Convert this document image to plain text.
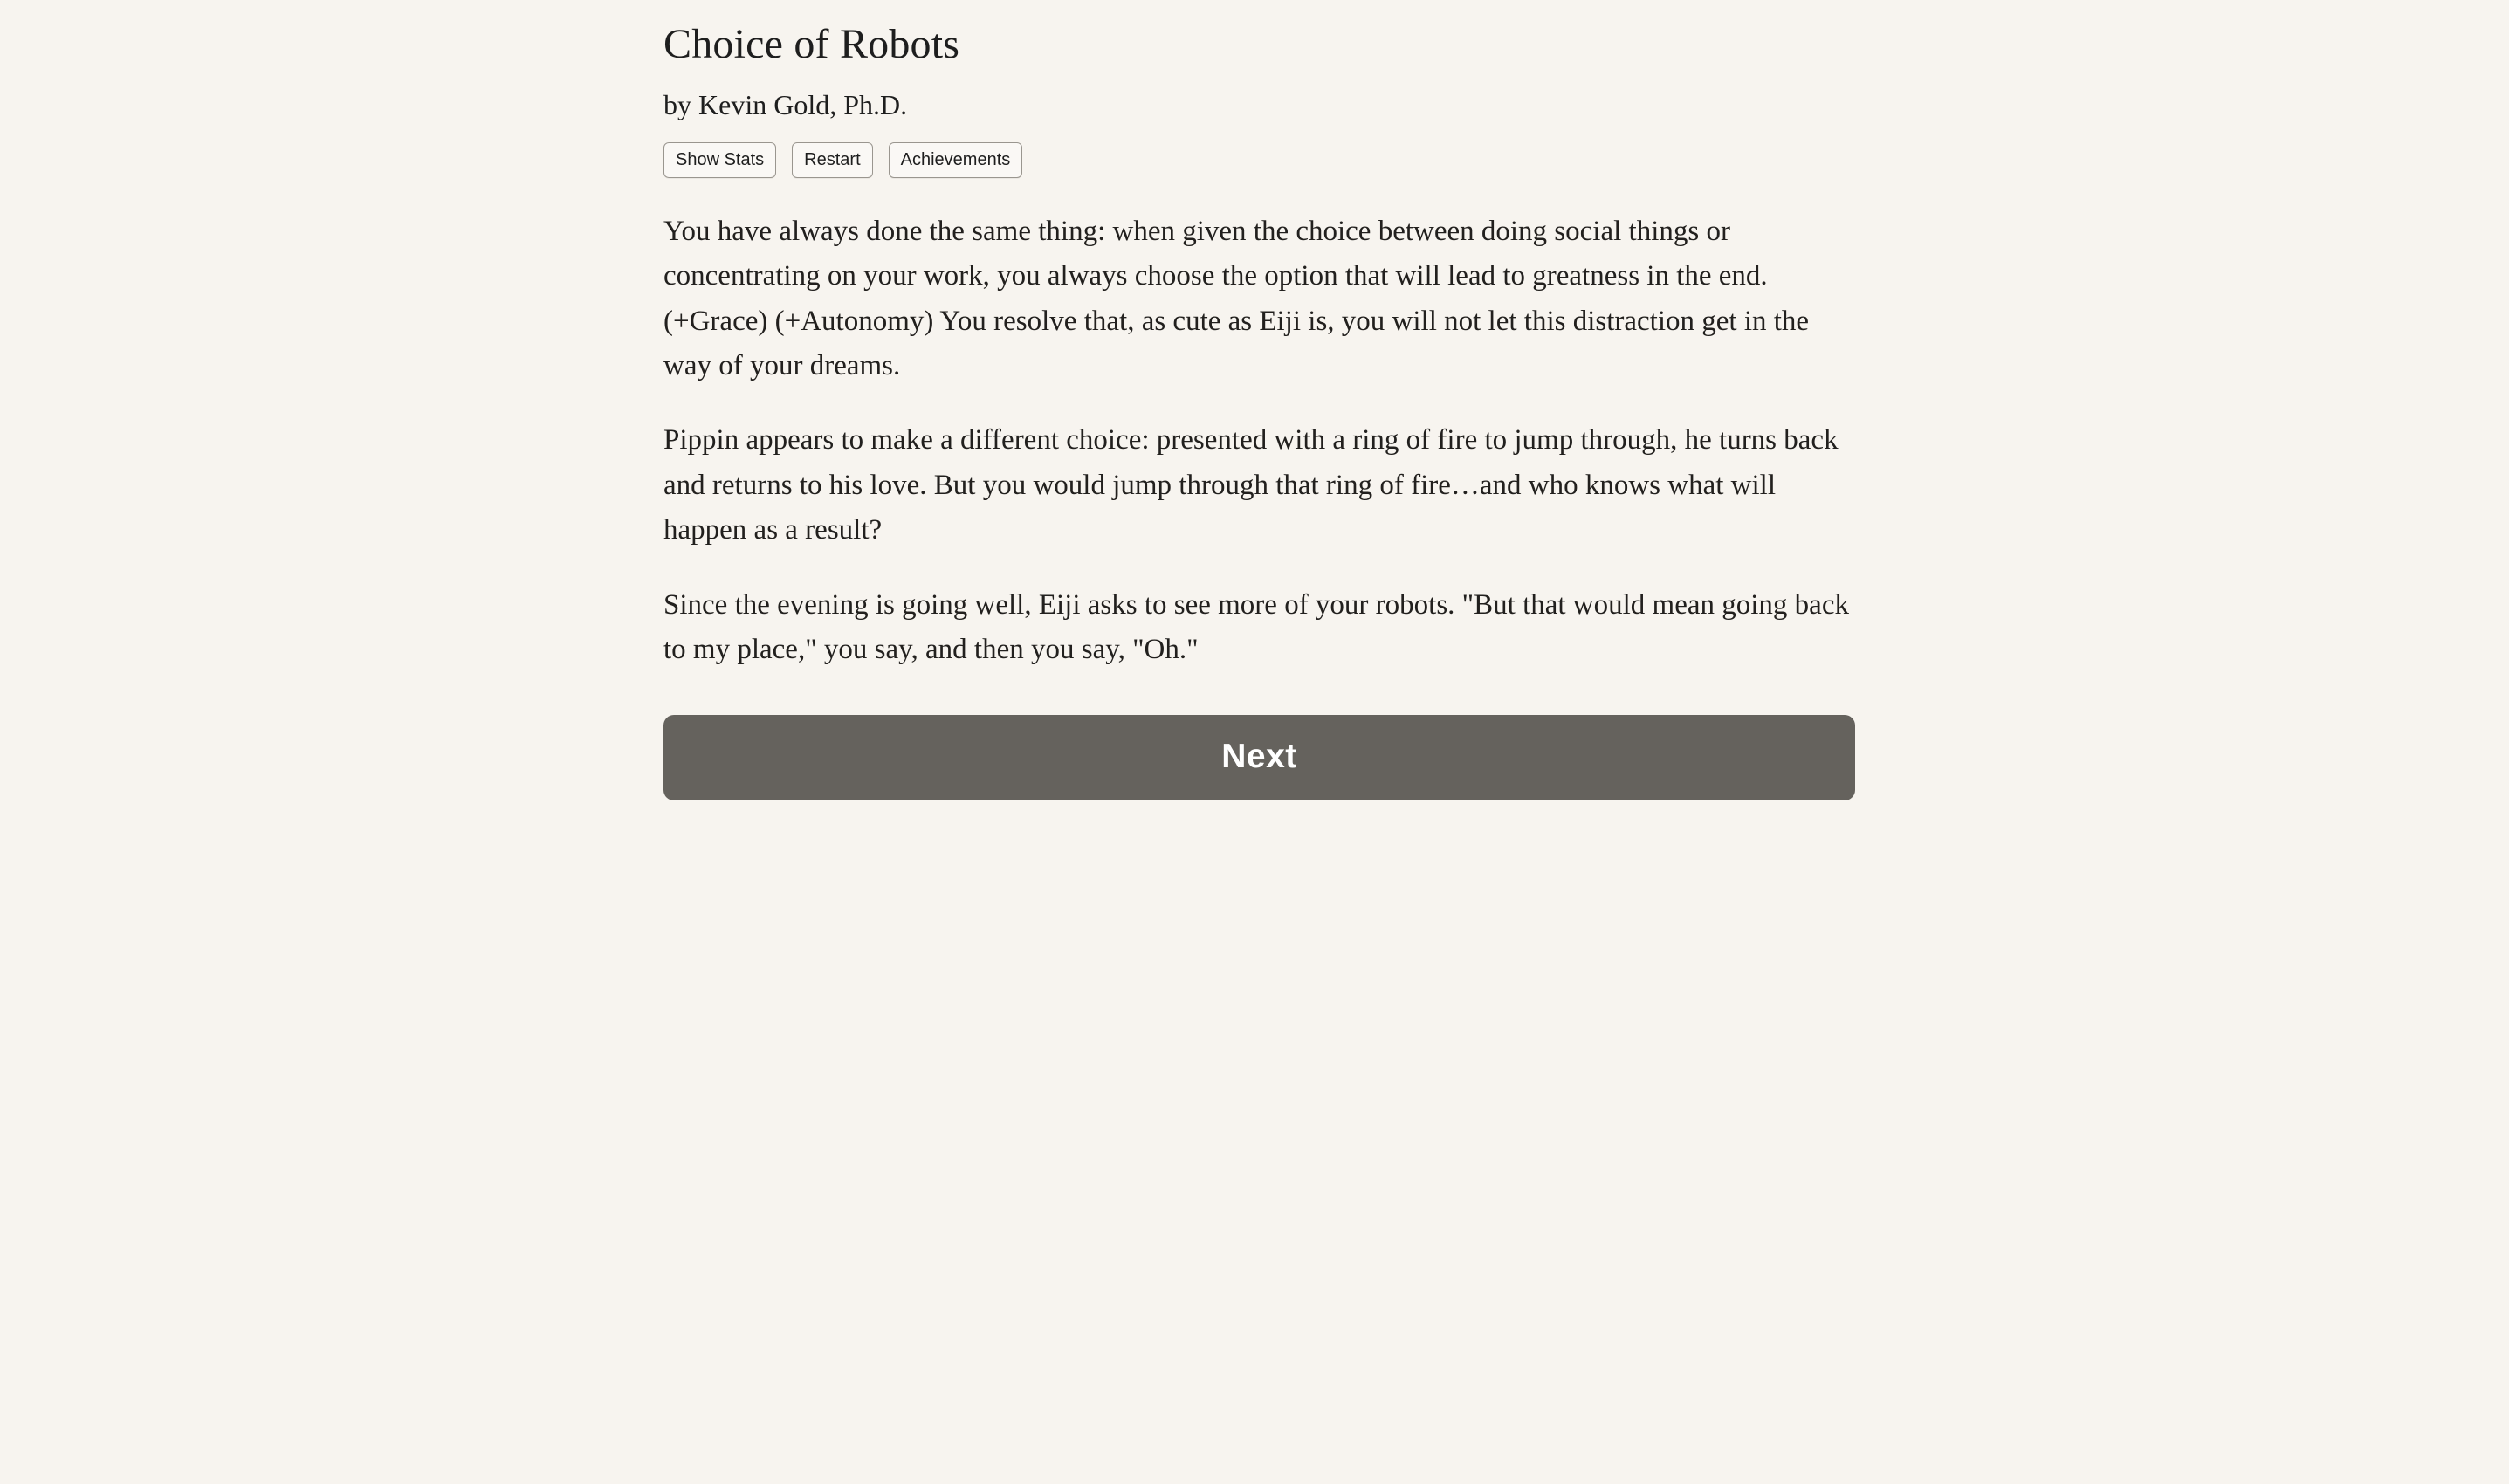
Choice of Robots

by Kevin Gold, Ph.D.

Show Stats	Restart	Achievements

You have always done the same thing: when given the choice between doing social things or concentrating on your work, you always choose the option that will lead to greatness in the end. (+Grace) (+Autonomy) You resolve that, as cute as Eiji is, you will not let this distraction get in the way of your dreams.

Pippin appears to make a different choice: presented with a ring of fire to jump through, he turns back and returns to his love. But you would jump through that ring of fire…and who knows what will happen as a result?

Since the evening is going well, Eiji asks to see more of your robots. "But that would mean going back to my place," you say, and then you say, "Oh."

Next
